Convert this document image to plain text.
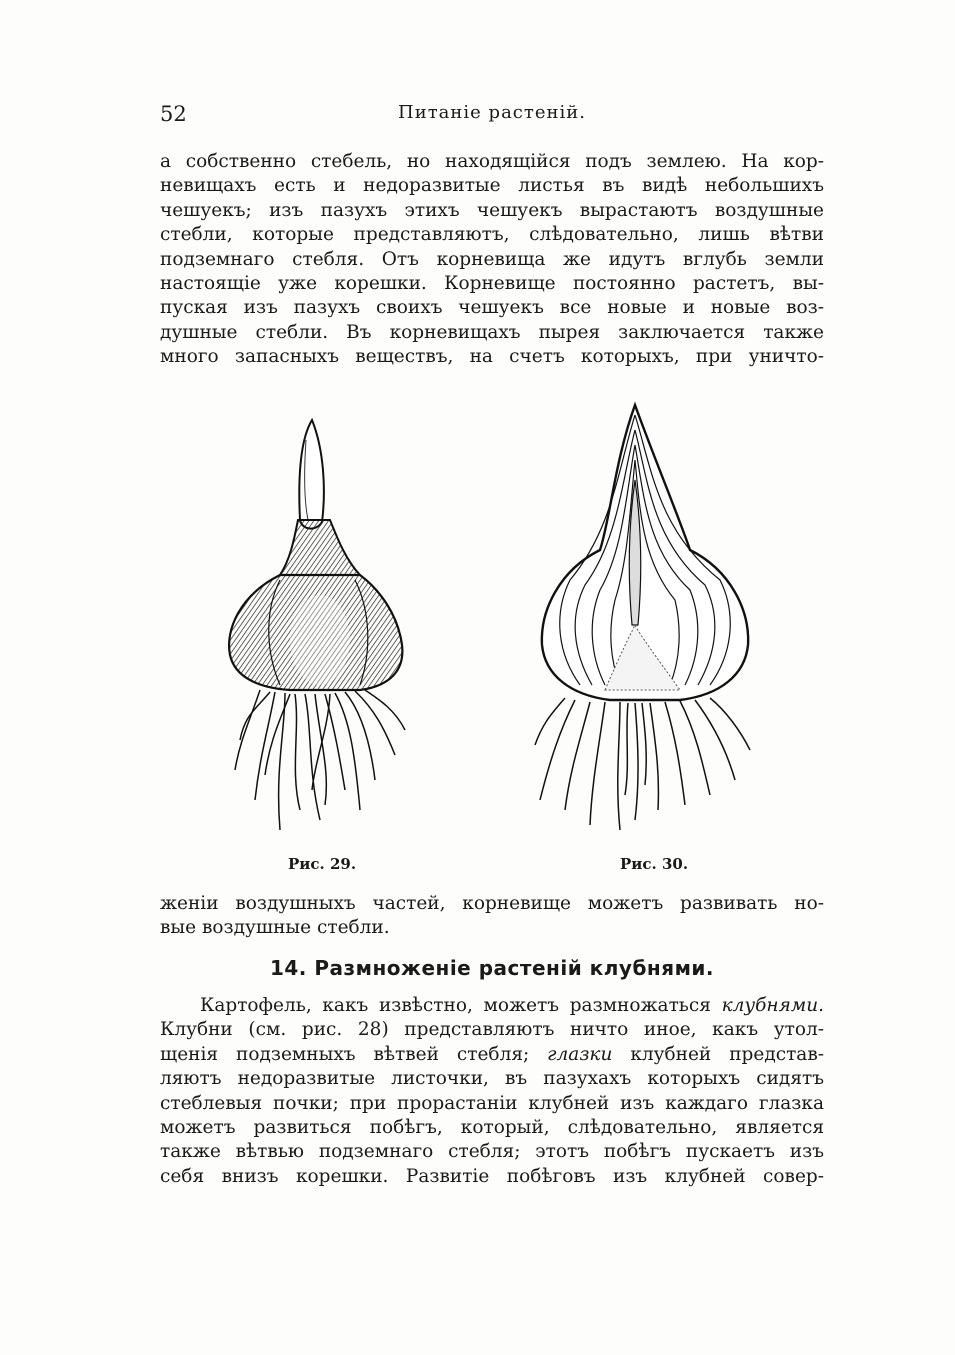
52	Питаніе растеній.
а собственно стебель, но находящійся подъ землею. На кор-
невищахъ есть и недоразвитые листья въ видѣ небольшихъ
чешуекъ; изъ пазухъ этихъ чешуекъ вырастаютъ воздушные
стебли, которые представляютъ, слѣдовательно, лишь вѣтви
подземнаго стебля. Отъ корневища же идутъ вглубь земли
настоящіе уже корешки. Корневище постоянно растетъ, вы-
пуская изъ пазухъ своихъ чешуекъ все новые и новые воз-
душные стебли. Въ корневищахъ пырея заключается также
много запасныхъ веществъ, на счетъ которыхъ, при уничто-
Рис. 29.	Рис. 30.
женіи воздушныхъ частей, корневище можетъ развивать но-
вые воздушные стебли.
14. Размноженіе растеній клубнями.
Картофель, какъ извѣстно, можетъ размножаться клубнями.
Клубни (см. рис. 28) представляютъ ничто иное, какъ утол-
щенія подземныхъ вѣтвей стебля; глазки клубней представ-
ляютъ недоразвитые листочки, въ пазухахъ которыхъ сидятъ
стеблевыя почки; при прорастаніи клубней изъ каждаго глазка
можетъ развиться побѣгъ, который, слѣдовательно, является
также вѣтвью подземнаго стебля; этотъ побѣгъ пускаетъ изъ
себя внизъ корешки. Развитіе побѣговъ изъ клубней совер-
